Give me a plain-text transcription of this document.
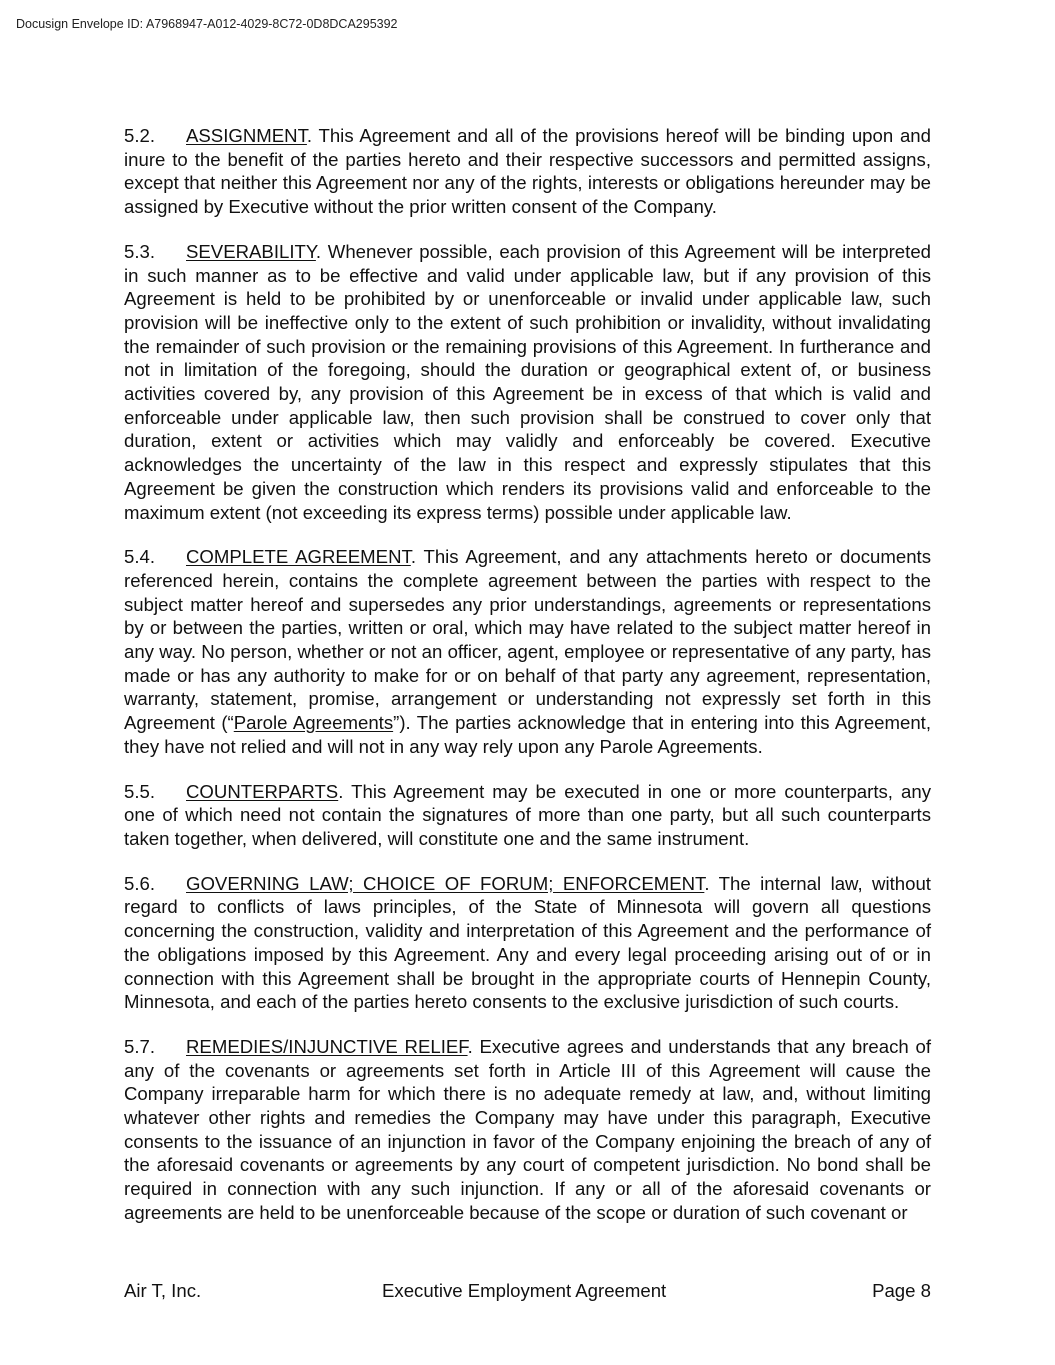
Docusign Envelope ID: A7968947-A012-4029-8C72-0D8DCA295392

5.2. ASSIGNMENT. This Agreement and all of the provisions hereof will be binding upon and inure to the benefit of the parties hereto and their respective successors and permitted assigns, except that neither this Agreement nor any of the rights, interests or obligations hereunder may be assigned by Executive without the prior written consent of the Company.

5.3. SEVERABILITY. Whenever possible, each provision of this Agreement will be interpreted in such manner as to be effective and valid under applicable law, but if any provision of this Agreement is held to be prohibited by or unenforceable or invalid under applicable law, such provision will be ineffective only to the extent of such prohibition or invalidity, without invalidating the remainder of such provision or the remaining provisions of this Agreement. In furtherance and not in limitation of the foregoing, should the duration or geographical extent of, or business activities covered by, any provision of this Agreement be in excess of that which is valid and enforceable under applicable law, then such provision shall be construed to cover only that duration, extent or activities which may validly and enforceably be covered. Executive acknowledges the uncertainty of the law in this respect and expressly stipulates that this Agreement be given the construction which renders its provisions valid and enforceable to the maximum extent (not exceeding its express terms) possible under applicable law.

5.4. COMPLETE AGREEMENT. This Agreement, and any attachments hereto or documents referenced herein, contains the complete agreement between the parties with respect to the subject matter hereof and supersedes any prior understandings, agreements or representations by or between the parties, written or oral, which may have related to the subject matter hereof in any way. No person, whether or not an officer, agent, employee or representative of any party, has made or has any authority to make for or on behalf of that party any agreement, representation, warranty, statement, promise, arrangement or understanding not expressly set forth in this Agreement (“Parole Agreements”). The parties acknowledge that in entering into this Agreement, they have not relied and will not in any way rely upon any Parole Agreements.

5.5. COUNTERPARTS. This Agreement may be executed in one or more counterparts, any one of which need not contain the signatures of more than one party, but all such counterparts taken together, when delivered, will constitute one and the same instrument.

5.6. GOVERNING LAW; CHOICE OF FORUM; ENFORCEMENT. The internal law, without regard to conflicts of laws principles, of the State of Minnesota will govern all questions concerning the construction, validity and interpretation of this Agreement and the performance of the obligations imposed by this Agreement. Any and every legal proceeding arising out of or in connection with this Agreement shall be brought in the appropriate courts of Hennepin County, Minnesota, and each of the parties hereto consents to the exclusive jurisdiction of such courts.

5.7. REMEDIES/INJUNCTIVE RELIEF. Executive agrees and understands that any breach of any of the covenants or agreements set forth in Article III of this Agreement will cause the Company irreparable harm for which there is no adequate remedy at law, and, without limiting whatever other rights and remedies the Company may have under this paragraph, Executive consents to the issuance of an injunction in favor of the Company enjoining the breach of any of the aforesaid covenants or agreements by any court of competent jurisdiction. No bond shall be required in connection with any such injunction. If any or all of the aforesaid covenants or agreements are held to be unenforceable because of the scope or duration of such covenant or

Air T, Inc.	Executive Employment Agreement	Page 8
